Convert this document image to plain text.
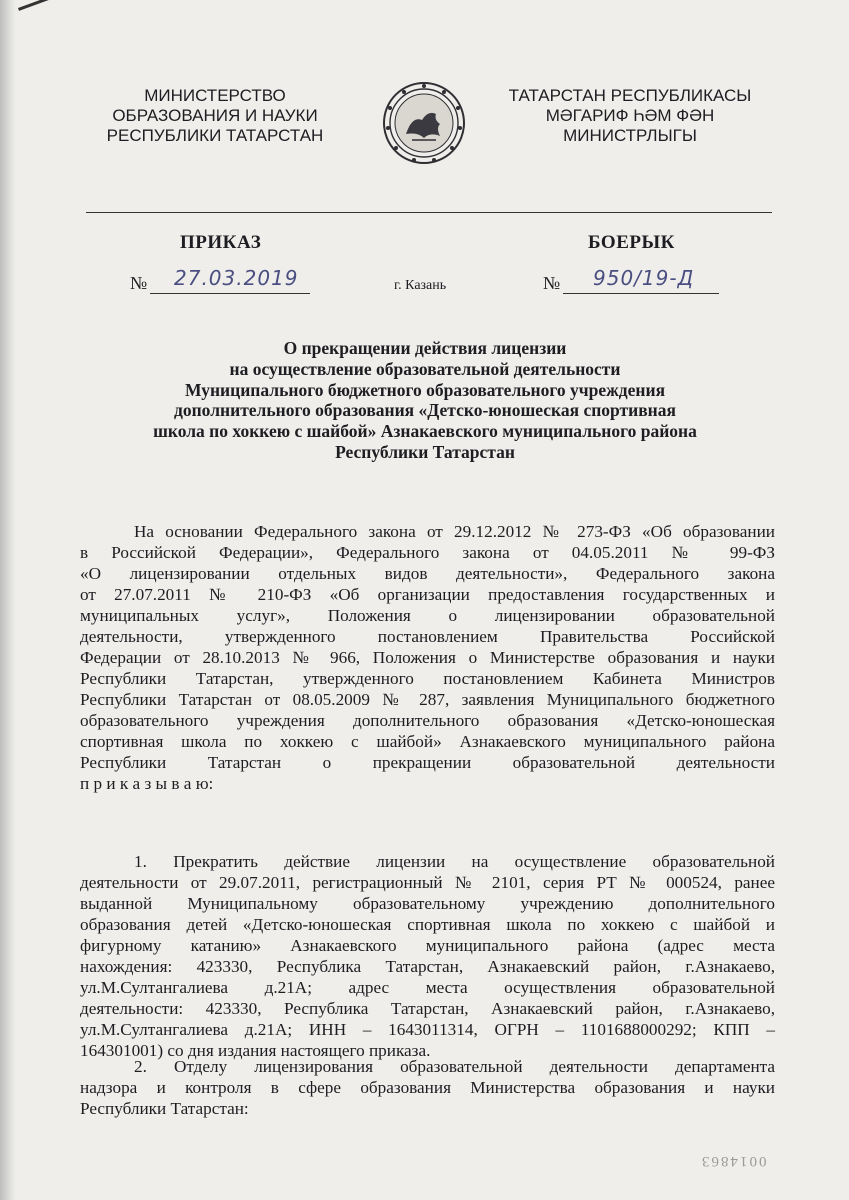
МИНИСТЕРСТВО
ОБРАЗОВАНИЯ И НАУКИ
РЕСПУБЛИКИ ТАТАРСТАН
ТАТАРСТАН РЕСПУБЛИКАСЫ
МӘГАРИФ ҺӘМ ФӘН
МИНИСТРЛЫГЫ
ПРИКАЗ	БОЕРЫК
№ 27.03.2019	г. Казань	№ 950/19-Д
О прекращении действия лицензии
на осуществление образовательной деятельности
Муниципального бюджетного образовательного учреждения
дополнительного образования «Детско-юношеская спортивная
школа по хоккею с шайбой» Азнакаевского муниципального района
Республики Татарстан
На основании Федерального закона от 29.12.2012 № 273-ФЗ «Об образовании
в Российской Федерации», Федерального закона от 04.05.2011 № 99-ФЗ
«О лицензировании отдельных видов деятельности», Федерального закона
от 27.07.2011 № 210-ФЗ «Об организации предоставления государственных и
муниципальных услуг», Положения о лицензировании образовательной
деятельности, утвержденного постановлением Правительства Российской
Федерации от 28.10.2013 № 966, Положения о Министерстве образования и науки
Республики Татарстан, утвержденного постановлением Кабинета Министров
Республики Татарстан от 08.05.2009 № 287, заявления Муниципального бюджетного
образовательного учреждения дополнительного образования «Детско-юношеская
спортивная школа по хоккею с шайбой» Азнакаевского муниципального района
Республики Татарстан о прекращении образовательной деятельности
п р и к а з ы в а ю:
1. Прекратить действие лицензии на осуществление образовательной
деятельности от 29.07.2011, регистрационный № 2101, серия РТ № 000524, ранее
выданной Муниципальному образовательному учреждению дополнительного
образования детей «Детско-юношеская спортивная школа по хоккею с шайбой и
фигурному катанию» Азнакаевского муниципального района (адрес места
нахождения: 423330, Республика Татарстан, Азнакаевский район, г.Азнакаево,
ул.М.Султангалиева д.21А; адрес места осуществления образовательной
деятельности: 423330, Республика Татарстан, Азнакаевский район, г.Азнакаево,
ул.М.Султангалиева д.21А; ИНН – 1643011314, ОГРН – 1101688000292; КПП –
164301001) со дня издания настоящего приказа.
2. Отделу лицензирования образовательной деятельности департамента
надзора и контроля в сфере образования Министерства образования и науки
Республики Татарстан:
0014863
